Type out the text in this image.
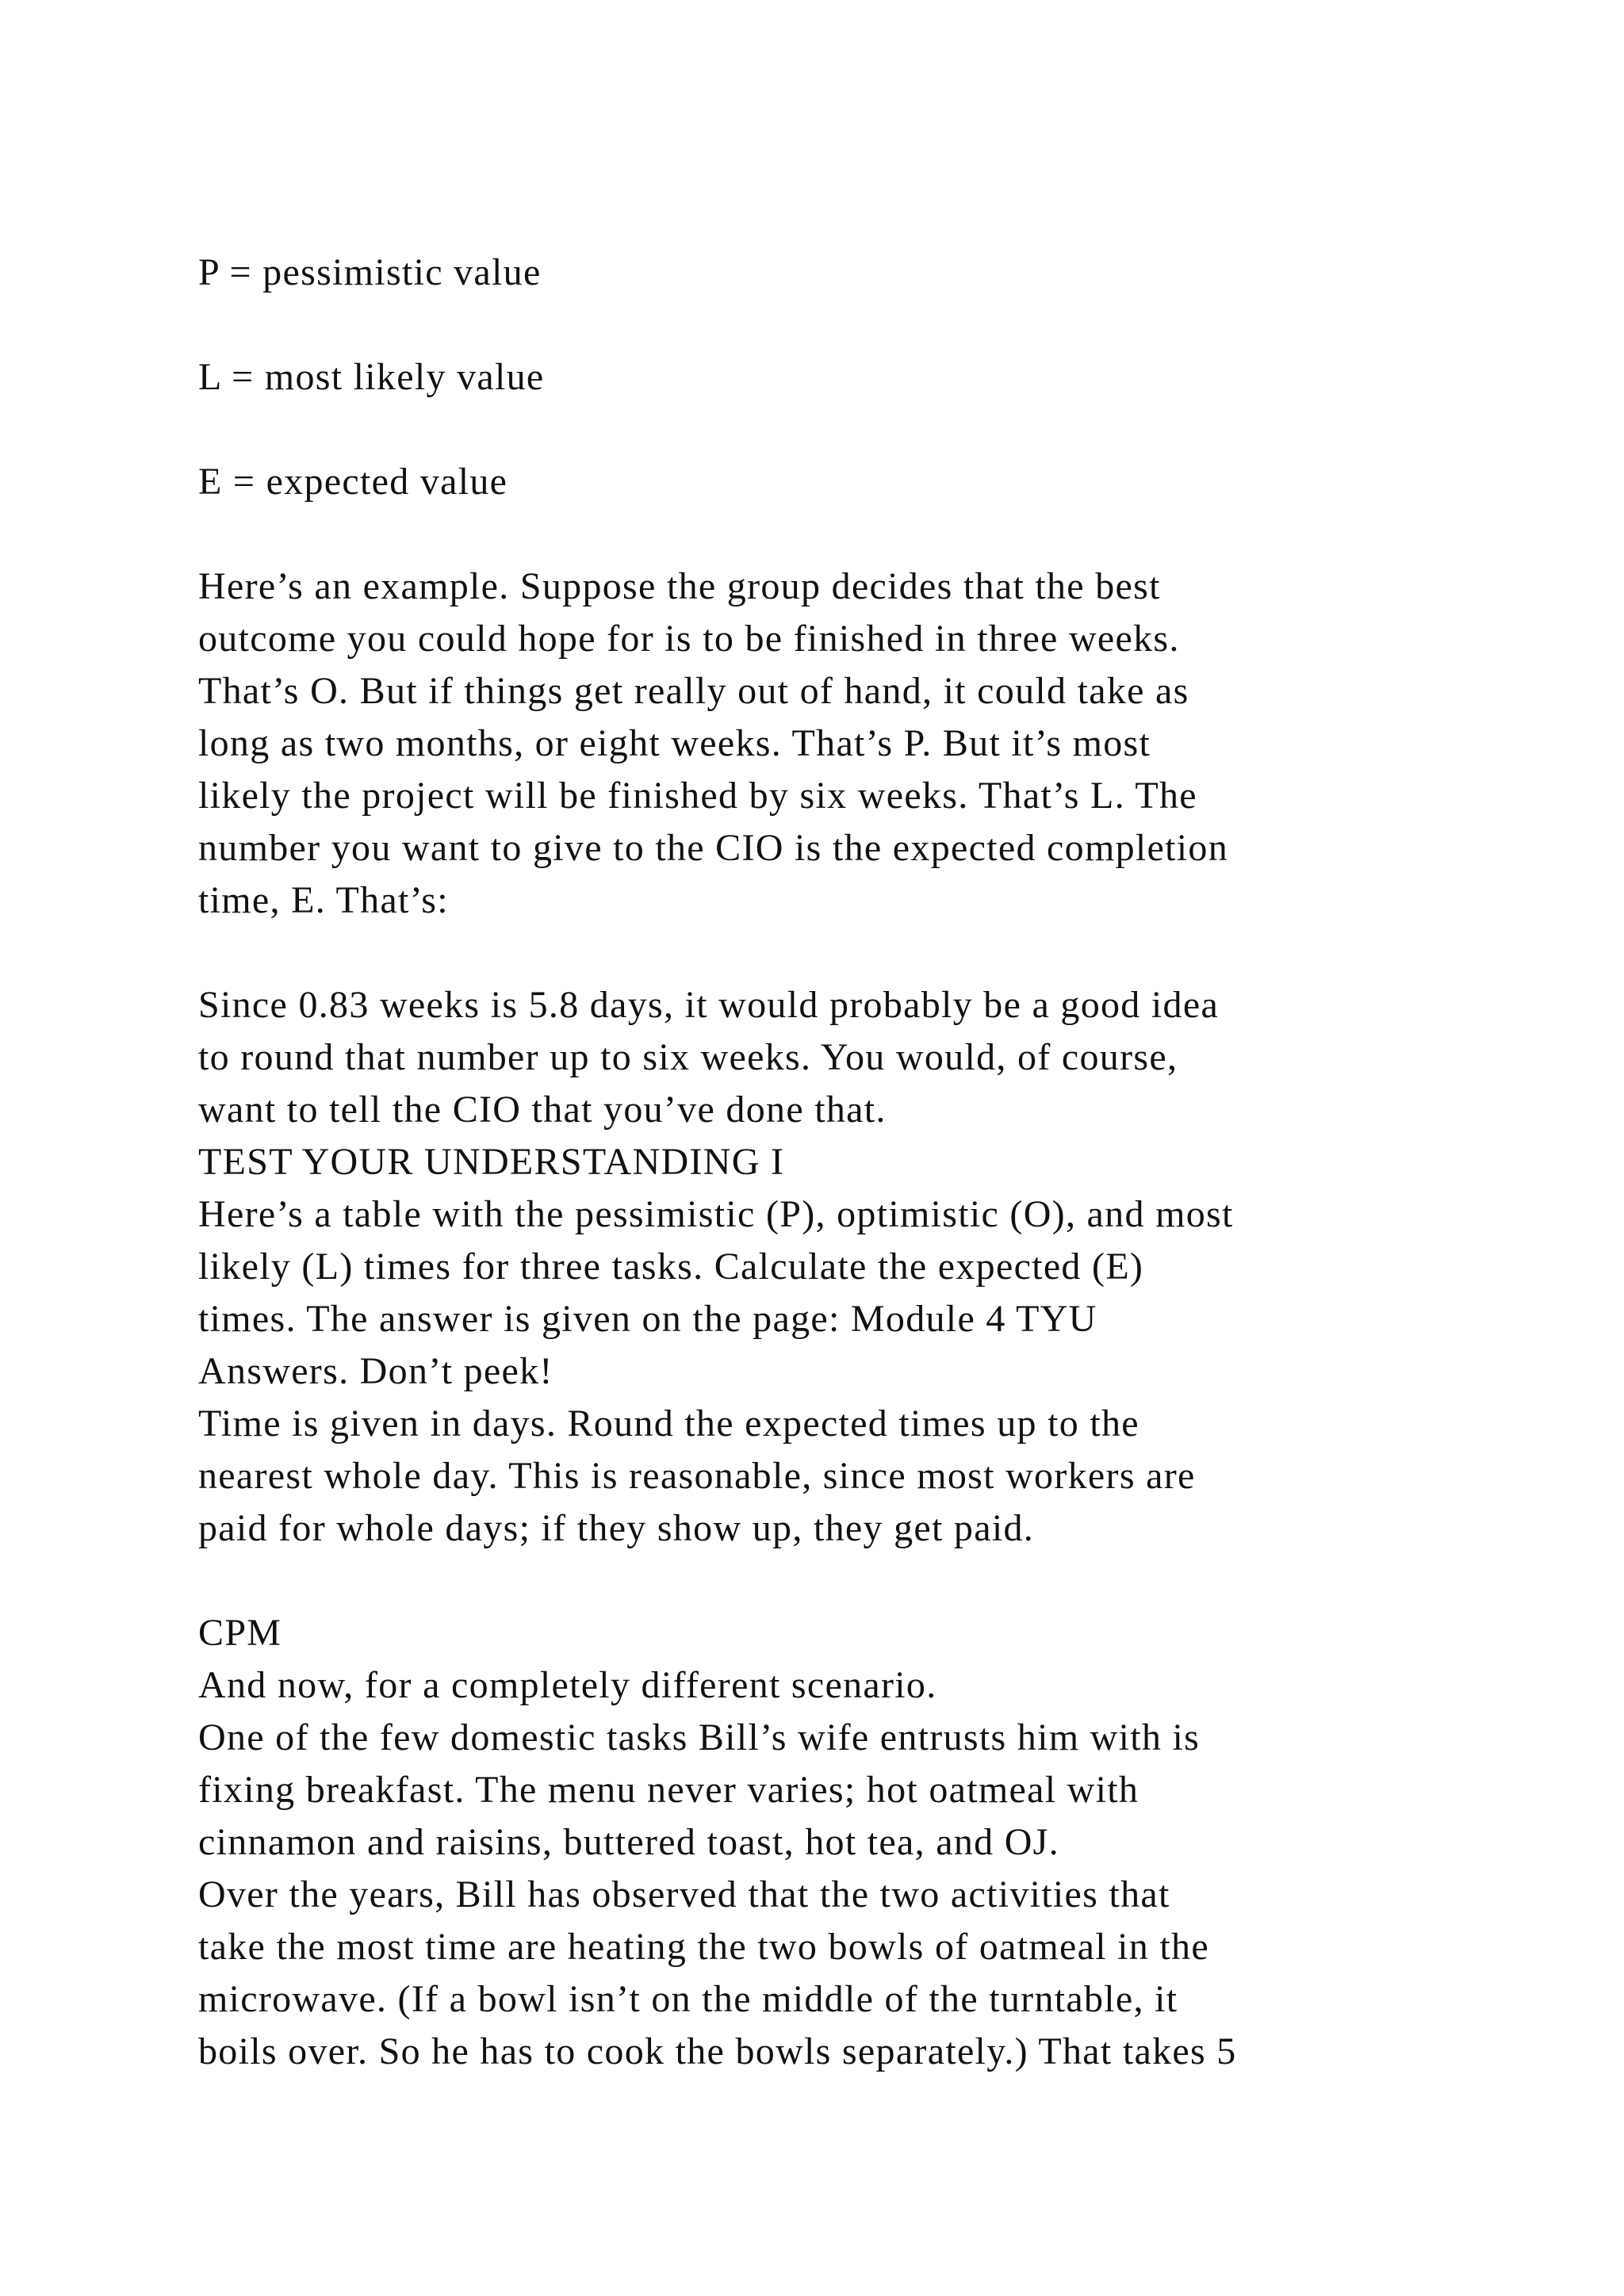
P = pessimistic value
L = most likely value
E = expected value
Here’s an example. Suppose the group decides that the best
outcome you could hope for is to be finished in three weeks.
That’s O. But if things get really out of hand, it could take as
long as two months, or eight weeks. That’s P. But it’s most
likely the project will be finished by six weeks. That’s L. The
number you want to give to the CIO is the expected completion
time, E. That’s:
Since 0.83 weeks is 5.8 days, it would probably be a good idea
to round that number up to six weeks. You would, of course,
want to tell the CIO that you’ve done that.
TEST YOUR UNDERSTANDING I
Here’s a table with the pessimistic (P), optimistic (O), and most
likely (L) times for three tasks. Calculate the expected (E)
times. The answer is given on the page: Module 4 TYU
Answers. Don’t peek!
Time is given in days. Round the expected times up to the
nearest whole day. This is reasonable, since most workers are
paid for whole days; if they show up, they get paid.
CPM
And now, for a completely different scenario.
One of the few domestic tasks Bill’s wife entrusts him with is
fixing breakfast. The menu never varies; hot oatmeal with
cinnamon and raisins, buttered toast, hot tea, and OJ.
Over the years, Bill has observed that the two activities that
take the most time are heating the two bowls of oatmeal in the
microwave. (If a bowl isn’t on the middle of the turntable, it
boils over. So he has to cook the bowls separately.) That takes 5
